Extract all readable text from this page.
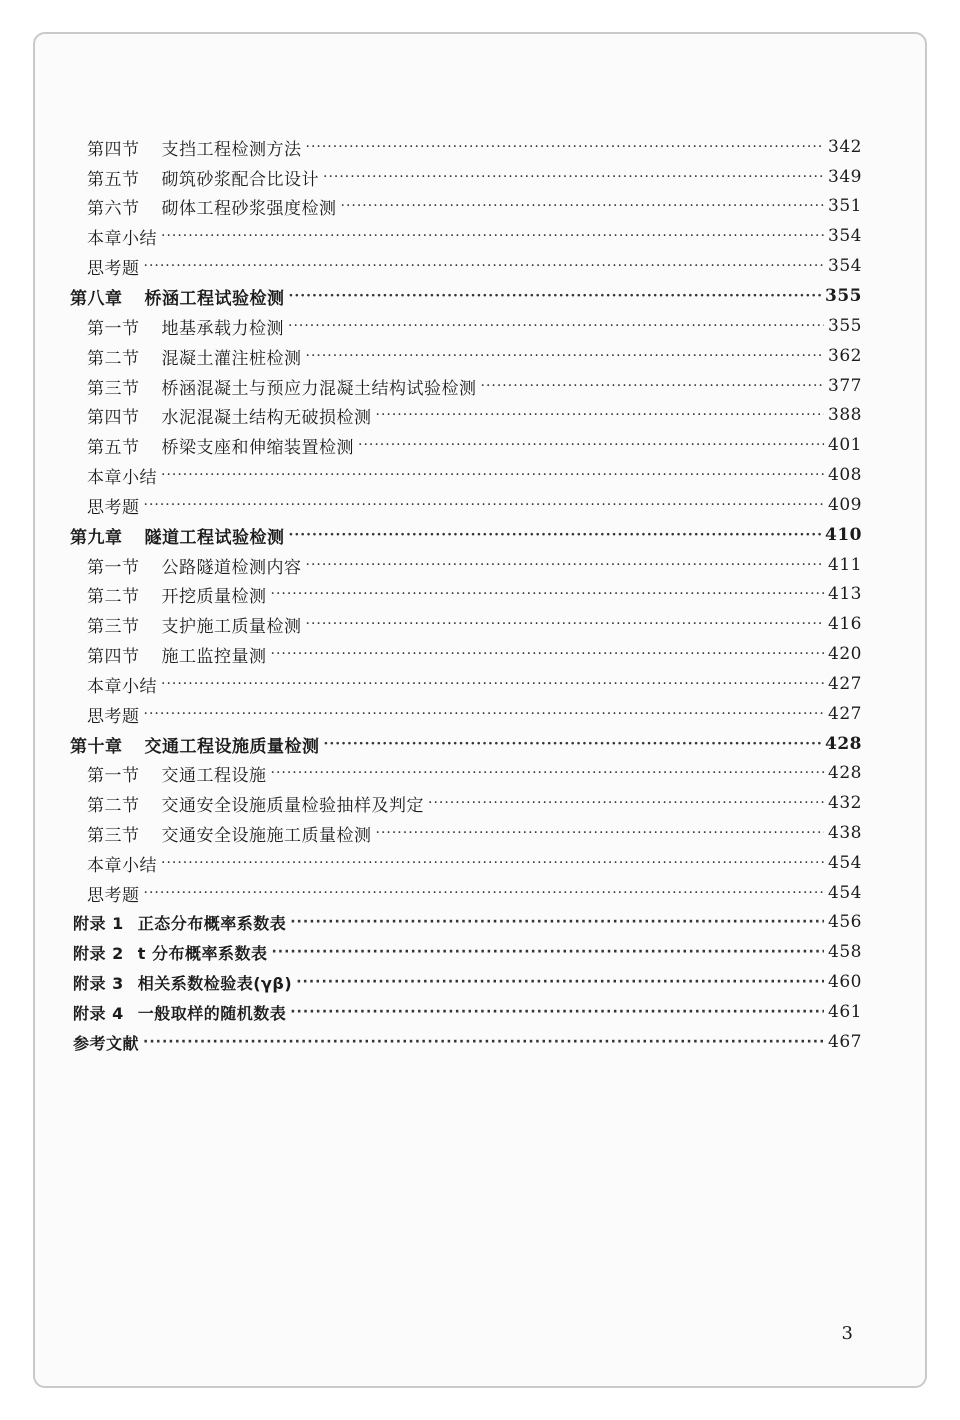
第四节 支挡工程检测方法 ·····	342
第五节 砌筑砂浆配合比设计 ·····	349
第六节 砌体工程砂浆强度检测 ·····	351
本章小结 ·····	354
思考题 ·····	354
第八章 桥涵工程试验检测 ·····	355
第一节 地基承载力检测 ·····	355
第二节 混凝土灌注桩检测 ·····	362
第三节 桥涵混凝土与预应力混凝土结构试验检测 ·····	377
第四节 水泥混凝土结构无破损检测 ·····	388
第五节 桥梁支座和伸缩装置检测 ·····	401
本章小结 ·····	408
思考题 ·····	409
第九章 隧道工程试验检测 ·····	410
第一节 公路隧道检测内容 ·····	411
第二节 开挖质量检测 ·····	413
第三节 支护施工质量检测 ·····	416
第四节 施工监控量测 ·····	420
本章小结 ·····	427
思考题 ·····	427
第十章 交通工程设施质量检测 ·····	428
第一节 交通工程设施 ·····	428
第二节 交通安全设施质量检验抽样及判定 ·····	432
第三节 交通安全设施施工质量检测 ·····	438
本章小结 ·····	454
思考题 ·····	454
附录 1 正态分布概率系数表 ·····	456
附录 2 t 分布概率系数表 ·····	458
附录 3 相关系数检验表(γβ) ·····	460
附录 4 一般取样的随机数表 ·····	461
参考文献 ·····	467
3
